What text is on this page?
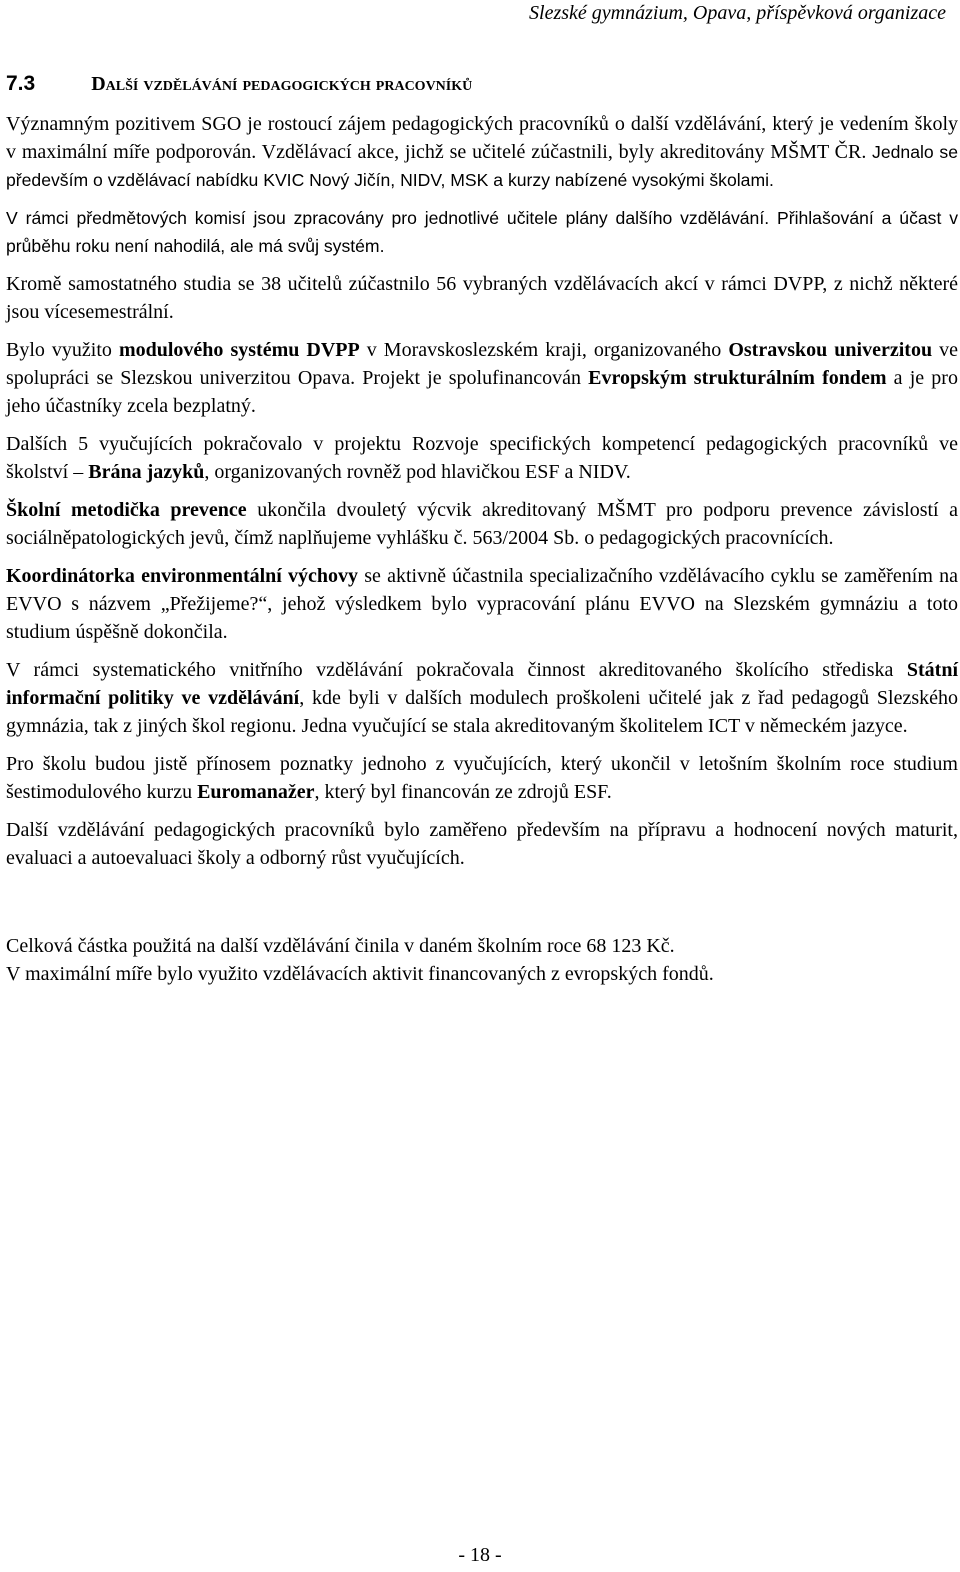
Slezské gymnázium, Opava, příspěvková organizace
7.3	Další vzdělávání pedagogických pracovníků

Významným pozitivem SGO je rostoucí zájem pedagogických pracovníků o další vzdělávání, který je vedením školy v maximální míře podporován. Vzdělávací akce, jichž se učitelé zúčastnili, byly akreditovány MŠMT ČR. Jednalo se především o vzdělávací nabídku KVIC Nový Jičín, NIDV, MSK a kurzy nabízené vysokými školami.

V rámci předmětových komisí jsou zpracovány pro jednotlivé učitele plány dalšího vzdělávání. Přihlašování a účast v průběhu roku není nahodilá, ale má svůj systém.

Kromě samostatného studia se 38 učitelů zúčastnilo 56 vybraných vzdělávacích akcí v rámci DVPP, z nichž některé jsou vícesemestrální.

Bylo využito modulového systému DVPP v Moravskoslezském kraji, organizovaného Ostravskou univerzitou ve spolupráci se Slezskou univerzitou Opava. Projekt je spolufinancován Evropským strukturálním fondem a je pro jeho účastníky zcela bezplatný.

Dalších 5 vyučujících pokračovalo v projektu Rozvoje specifických kompetencí pedagogických pracovníků ve školství – Brána jazyků, organizovaných rovněž pod hlavičkou ESF a NIDV.

Školní metodička prevence ukončila dvouletý výcvik akreditovaný MŠMT pro podporu prevence závislostí a sociálněpatologických jevů, čímž naplňujeme vyhlášku č. 563/2004 Sb. o pedagogických pracovnících.

Koordinátorka environmentální výchovy se aktivně účastnila specializačního vzdělávacího cyklu se zaměřením na EVVO s názvem „Přežijeme?“, jehož výsledkem bylo vypracování plánu EVVO na Slezském gymnáziu a toto studium úspěšně dokončila.

V rámci systematického vnitřního vzdělávání pokračovala činnost akreditovaného školícího střediska Státní informační politiky ve vzdělávání, kde byli v dalších modulech proškoleni učitelé jak z řad pedagogů Slezského gymnázia, tak z jiných škol regionu. Jedna vyučující se stala akreditovaným školitelem ICT v německém jazyce.

Pro školu budou jistě přínosem poznatky jednoho z vyučujících, který ukončil v letošním školním roce studium šestimodulového kurzu Euromanažer, který byl financován ze zdrojů ESF.

Další vzdělávání pedagogických pracovníků bylo zaměřeno především na přípravu a hodnocení nových maturit, evaluaci a autoevaluaci školy a odborný růst vyučujících.

Celková částka použitá na další vzdělávání činila v daném školním roce 68 123 Kč.

V maximální míře bylo využito vzdělávacích aktivit financovaných z evropských fondů.

- 18 -
